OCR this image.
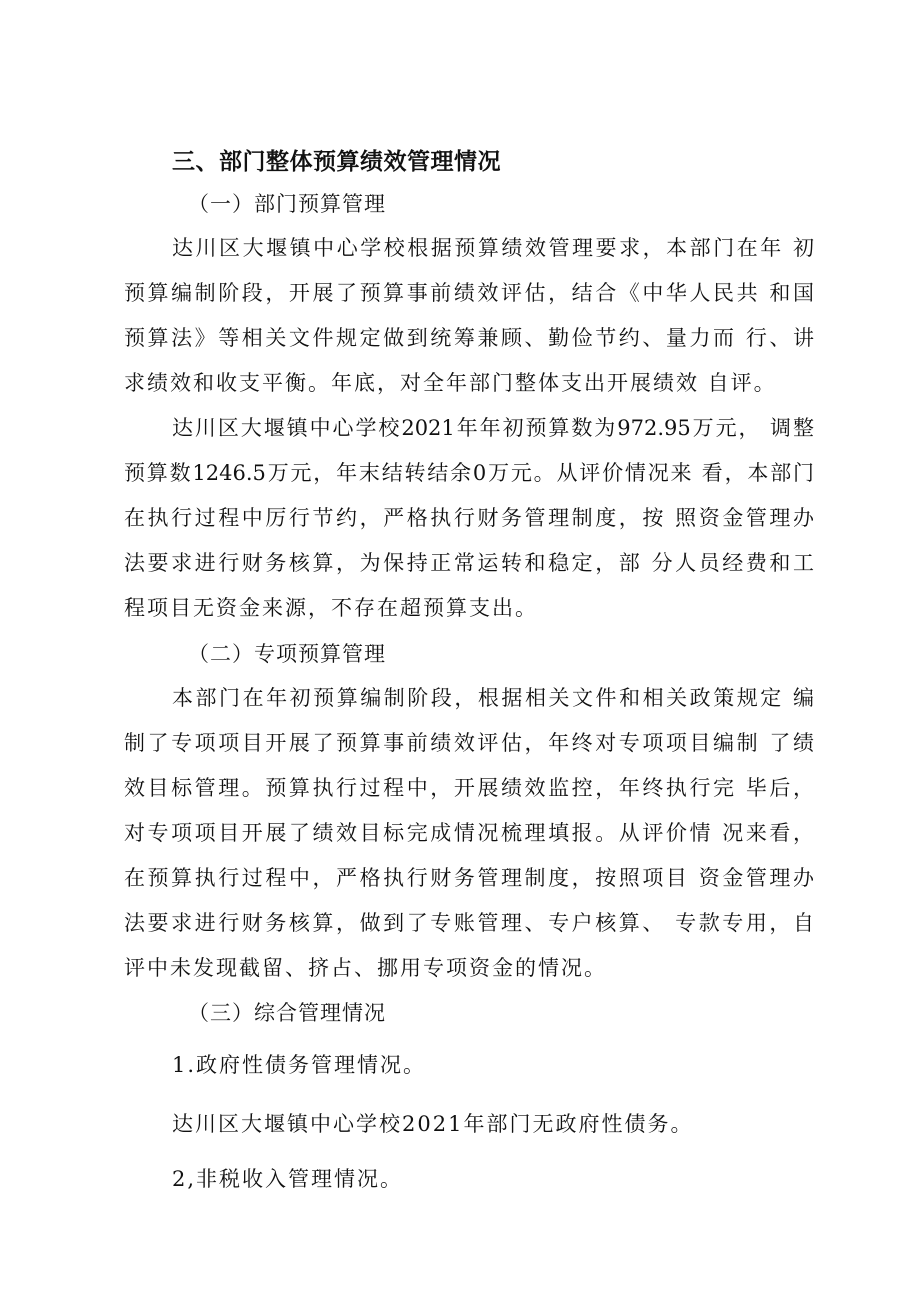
三、部门整体预算绩效管理情况
（一）部门预算管理
达川区大堰镇中心学校根据预算绩效管理要求，本部门在年 初
预算编制阶段，开展了预算事前绩效评估，结合《中华人民共 和国
预算法》等相关文件规定做到统筹兼顾、勤俭节约、量力而 行、讲
求绩效和收支平衡。年底，对全年部门整体支出开展绩效 自评。
达川区大堰镇中心学校2021年年初预算数为972.95万元， 调整
预算数1246.5万元，年末结转结余0万元。从评价情况来 看，本部门
在执行过程中厉行节约，严格执行财务管理制度，按 照资金管理办
法要求进行财务核算，为保持正常运转和稳定，部 分人员经费和工
程项目无资金来源，不存在超预算支出。
（二）专项预算管理
本部门在年初预算编制阶段，根据相关文件和相关政策规定 编
制了专项项目开展了预算事前绩效评估，年终对专项项目编制 了绩
效目标管理。预算执行过程中，开展绩效监控，年终执行完 毕后，
对专项项目开展了绩效目标完成情况梳理填报。从评价情 况来看，
在预算执行过程中，严格执行财务管理制度，按照项目 资金管理办
法要求进行财务核算，做到了专账管理、专户核算、 专款专用，自
评中未发现截留、挤占、挪用专项资金的情况。
（三）综合管理情况
1.政府性债务管理情况。
达川区大堰镇中心学校2021年部门无政府性债务。
2,非税收入管理情况。
